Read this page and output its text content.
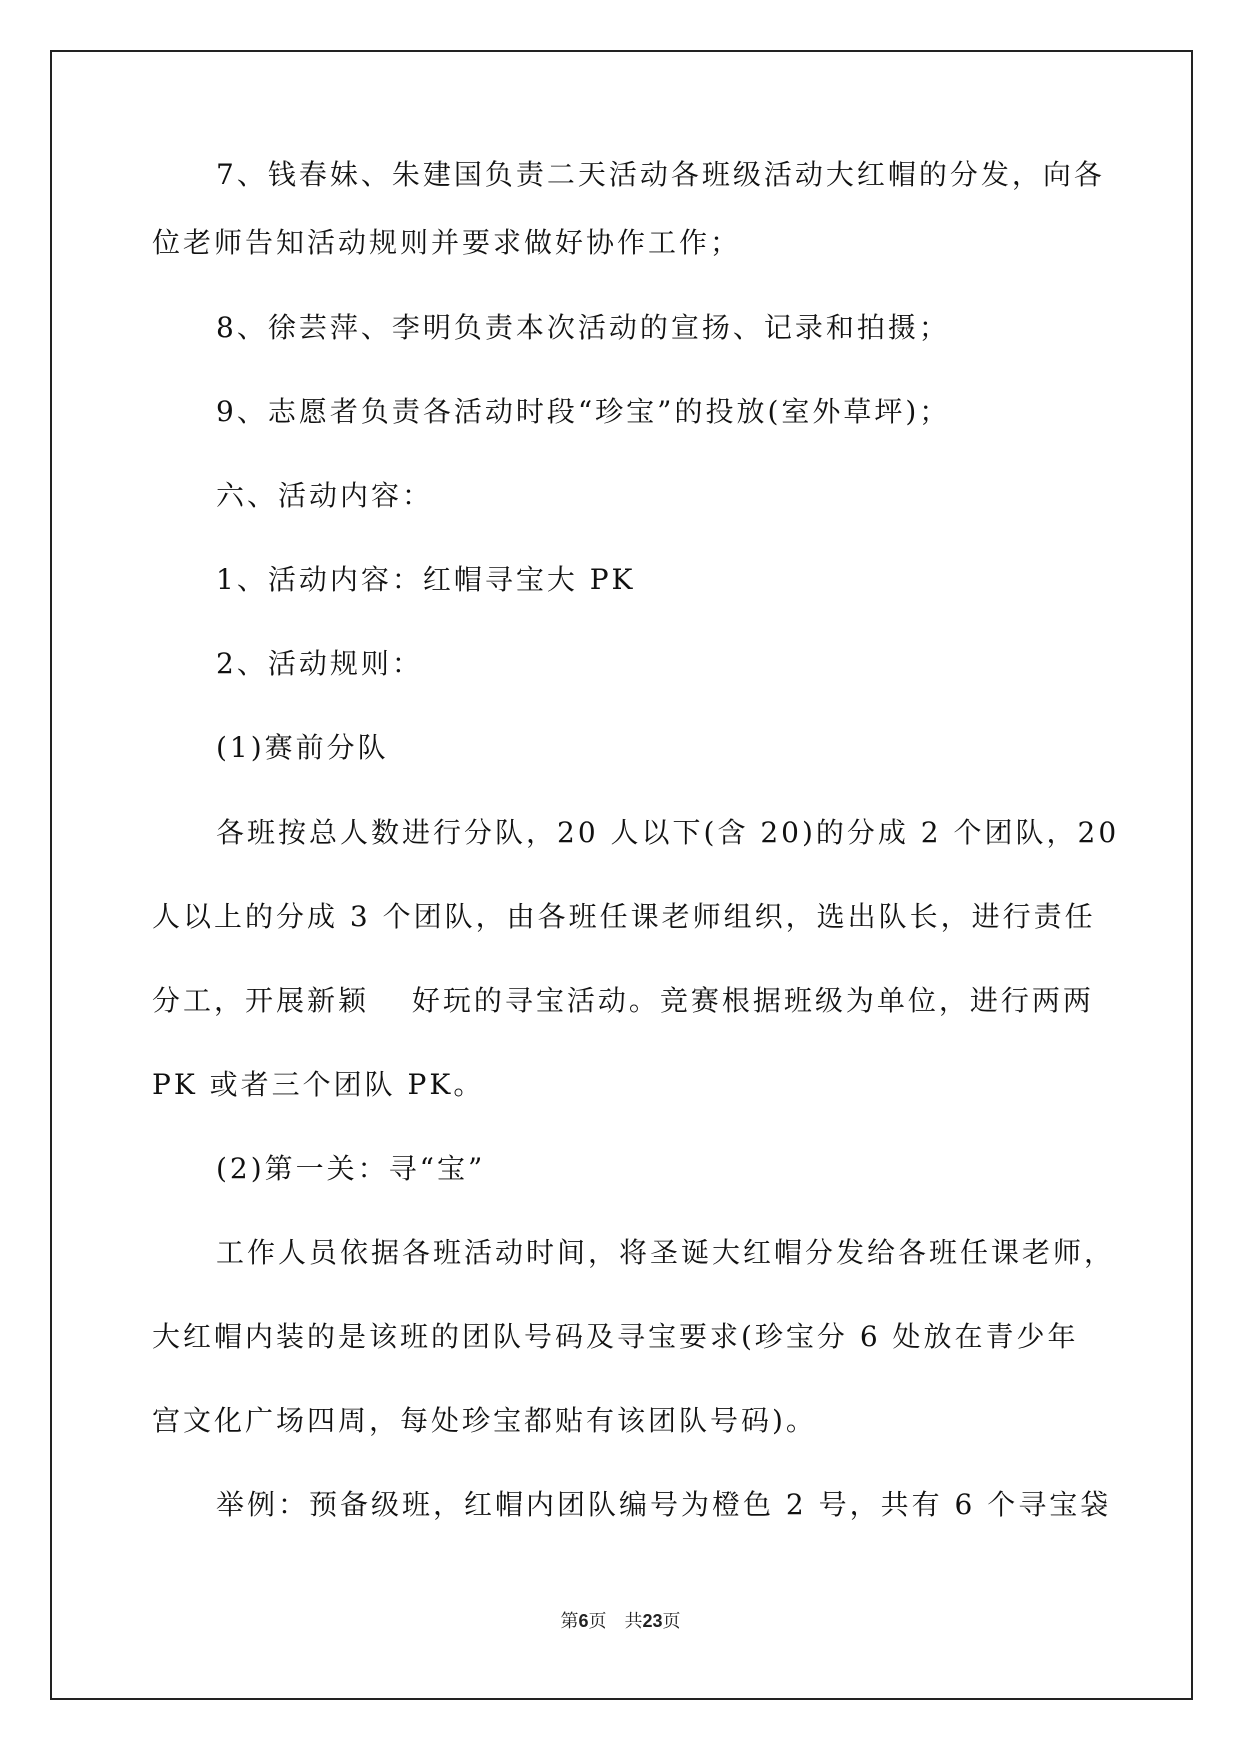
7、钱春妹、朱建国负责二天活动各班级活动大红帽的分发，向各
位老师告知活动规则并要求做好协作工作；
8、徐芸萍、李明负责本次活动的宣扬、记录和拍摄；
9、志愿者负责各活动时段“珍宝”的投放(室外草坪)；
六、活动内容：
1、活动内容：红帽寻宝大 PK
2、活动规则：
(1)赛前分队
各班按总人数进行分队，20 人以下(含 20)的分成 2 个团队，20
人以上的分成 3 个团队，由各班任课老师组织，选出队长，进行责任
分工，开展新颖　 好玩的寻宝活动。竞赛根据班级为单位，进行两两
PK 或者三个团队 PK。
(2)第一关：寻“宝”
工作人员依据各班活动时间，将圣诞大红帽分发给各班任课老师，
大红帽内装的是该班的团队号码及寻宝要求(珍宝分 6 处放在青少年
宫文化广场四周，每处珍宝都贴有该团队号码)。
举例：预备级班，红帽内团队编号为橙色 2 号，共有 6 个寻宝袋
第6页 共23页
